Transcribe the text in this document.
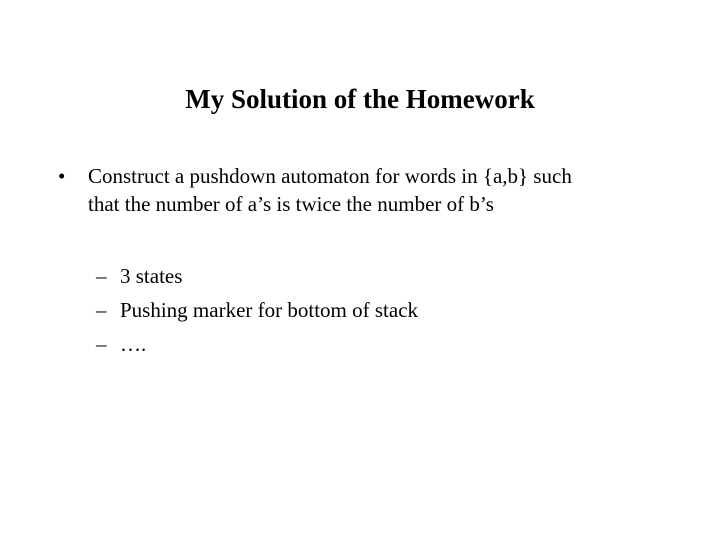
My Solution of the Homework
•	Construct a pushdown automaton for words in {a,b} such
that the number of a’s is twice the number of b’s
– 3 states
– Pushing marker for bottom of stack
– ….
